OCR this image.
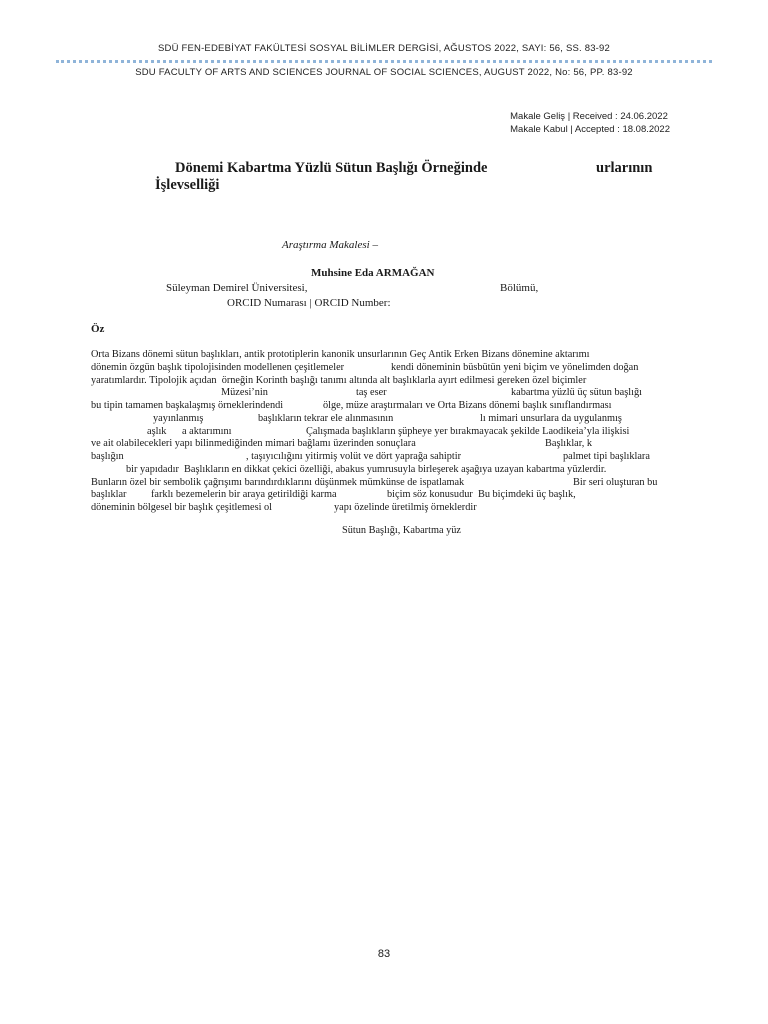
SDÜ FEN-EDEBİYAT FAKÜLTESİ SOSYAL BİLİMLER DERGİSİ, AĞUSTOS 2022, SAYI: 56, SS. 83-92
SDU FACULTY OF ARTS AND SCIENCES JOURNAL OF SOCIAL SCIENCES, AUGUST 2022, No: 56, PP. 83-92
Makale Geliş | Received : 24.06.2022
Makale Kabul | Accepted : 18.08.2022
Dönemi Kabartma Yüzlü Sütun Başlığı Örneğinde	urlarının
İşlevselliği
Araştırma Makalesi –
Muhsine Eda ARMAĞAN
Süleyman Demirel Üniversitesi,	Bölümü,
ORCID Numarası | ORCID Number:
Öz
Orta Bizans dönemi sütun başlıkları, antik prototiplerin kanonik unsurlarının Geç Antik Erken Bizans dönemine aktarımı
dönemin özgün başlık tipolojisinden modellenen çeşitlemeler	kendi döneminin büsbütün yeni biçim ve yönelimden doğan
yaratımlardır. Tipolojik açıdan  örneğin Korinth başlığı tanımı altında alt başlıklarla ayırt edilmesi gereken özel biçimler
Müzesi’nin	taş eser	kabartma yüzlü üç sütun başlığı
bu tipin tamamen başkalaşmış örneklerindendi	ölge, müze araştırmaları ve Orta Bizans dönemi başlık sınıflandırması
yayınlanmış	başlıkların tekrar ele alınmasının	lı mimari unsurlara da uygulanmış
aşlık a aktarımını	Çalışmada başlıkların şüpheye yer bırakmayacak şekilde Laodikeia’yla ilişkisi
ve ait olabilecekleri yapı bilinmediğinden mimari bağlamı üzerinden sonuçlara	Başlıklar, k
başlığın	, taşıyıcılığını yitirmiş volüt ve dört yaprağa sahiptir	palmet tipi başlıklara
bir yapıdadır  Başlıkların en dikkat çekici özelliği, abakus yumrusuyla birleşerek aşağıya uzayan kabartma yüzlerdir.
Bunların özel bir sembolik çağrışımı barındırdıklarını düşünmek mümkünse de ispatlamak	Bir seri oluşturan bu
başlıklar farklı bezemelerin bir araya getirildiği karma	biçim söz konusudur  Bu biçimdeki üç başlık,
döneminin bölgesel bir başlık çeşitlemesi ol	yapı özelinde üretilmiş örneklerdir
Sütun Başlığı, Kabartma yüz
83
